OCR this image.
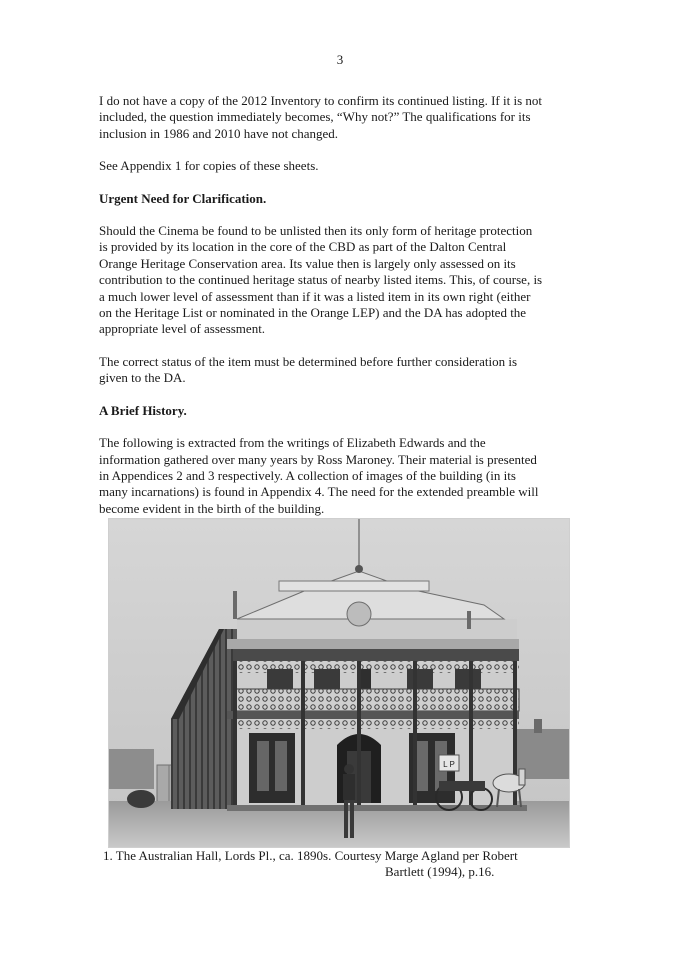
3

I do not have a copy of the 2012 Inventory to confirm its continued listing. If it is not included, the question immediately becomes, “Why not?” The qualifications for its inclusion in 1986 and 2010 have not changed.

See Appendix 1 for copies of these sheets.

Urgent Need for Clarification.

Should the Cinema be found to be unlisted then its only form of heritage protection is provided by its location in the core of the CBD as part of the Dalton Central Orange Heritage Conservation area. Its value then is largely only assessed on its contribution to the continued heritage status of nearby listed items. This, of course, is a much lower level of assessment than if it was a listed item in its own right (either on the Heritage List or nominated in the Orange LEP) and the DA has adopted the appropriate level of assessment.

The correct status of the item must be determined before further consideration is given to the DA.

A Brief History.

The following is extracted from the writings of Elizabeth Edwards and the information gathered over many years by Ross Maroney. Their material is presented in Appendices 2 and 3 respectively. A collection of images of the building (in its many incarnations) is found in Appendix 4. The need for the extended preamble will become evident in the birth of the building.

L P
1. The Australian Hall, Lords Pl., ca. 1890s. Courtesy Marge Agland per Robert
Bartlett (1994), p.16.
